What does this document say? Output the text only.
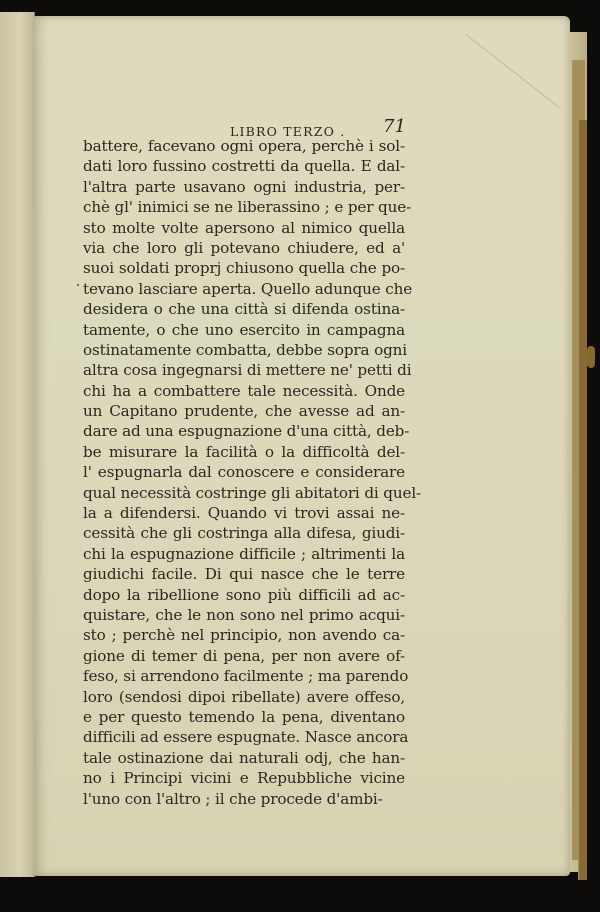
LIBRO TERZO .	71
battere, facevano ogni opera, perchè i sol-
dati loro fussino costretti da quella. E dal-
l'altra parte usavano ogni industria, per-
chè gl' inimici se ne liberassino ; e per que-
sto molte volte apersono al nimico quella
via che loro gli potevano chiudere, ed a'
suoi soldati proprj chiusono quella che po-
tevano lasciare aperta. Quello adunque che
desidera o che una città si difenda ostina-
tamente, o che uno esercito in campagna
ostinatamente combatta, debbe sopra ogni
altra cosa ingegnarsi di mettere ne' petti di
chi ha a combattere tale necessità. Onde
un Capitano prudente, che avesse ad an-
dare ad una espugnazione d'una città, deb-
be misurare la facilità o la difficoltà del-
l' espugnarla dal conoscere e considerare
qual necessità costringe gli abitatori di quel-
la a difendersi. Quando vi trovi assai ne-
cessità che gli costringa alla difesa, giudi-
chi la espugnazione difficile ; altrimenti la
giudichi facile. Di qui nasce che le terre
dopo la ribellione sono più difficili ad ac-
quistare, che le non sono nel primo acqui-
sto ; perchè nel principio, non avendo ca-
gione di temer di pena, per non avere of-
feso, si arrendono facilmente ; ma parendo
loro (sendosi dipoi ribellate) avere offeso,
e per questo temendo la pena, diventano
difficili ad essere espugnate. Nasce ancora
tale ostinazione dai naturali odj, che han-
no i Principi vicini e Repubbliche vicine
l'uno con l'altro ; il che procede d'ambi-
